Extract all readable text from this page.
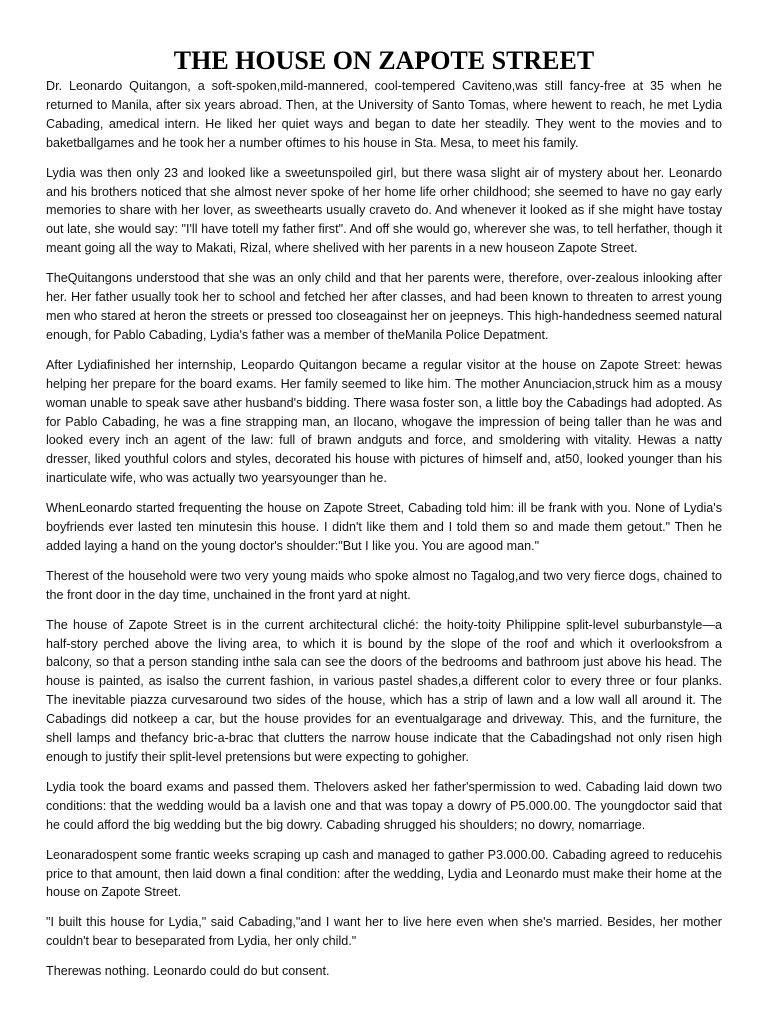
THE HOUSE ON ZAPOTE STREET

Dr. Leonardo Quitangon, a soft-spoken,mild-mannered, cool-tempered Caviteno,was still fancy-free at 35 when he returned to Manila, after six years abroad. Then, at the University of Santo Tomas, where hewent to reach, he met Lydia Cabading, amedical intern. He liked her quiet ways and began to date her steadily. They went to the movies and to baketballgames and he took her a number oftimes to his house in Sta. Mesa, to meet his family.

Lydia was then only 23 and looked like a sweetunspoiled girl, but there wasa slight air of mystery about her. Leonardo and his brothers noticed that she almost never spoke of her home life orher childhood; she seemed to have no gay early memories to share with her lover, as sweethearts usually craveto do. And whenever it looked as if she might have tostay out late, she would say: "I'll have totell my father first". And off she would go, wherever she was, to tell herfather, though it meant going all the way to Makati, Rizal, where shelived with her parents in a new houseon Zapote Street.

TheQuitangons understood that she was an only child and that her parents were, therefore, over-zealous inlooking after her. Her father usually took her to school and fetched her after classes, and had been known to threaten to arrest young men who stared at heron the streets or pressed too closeagainst her on jeepneys. This high-handedness seemed natural enough, for Pablo Cabading, Lydia's father was a member of theManila Police Depatment.

After Lydiafinished her internship, Leopardo Quitangon became a regular visitor at the house on Zapote Street: hewas helping her prepare for the board exams. Her family seemed to like him. The mother Anunciacion,struck him as a mousy woman unable to speak save ather husband's bidding. There wasa foster son, a little boy the Cabadings had adopted. As for Pablo Cabading, he was a fine strapping man, an Ilocano, whogave the impression of being taller than he was and looked every inch an agent of the law: full of brawn andguts and force, and smoldering with vitality. Hewas a natty dresser, liked youthful colors and styles, decorated his house with pictures of himself and, at50, looked younger than his inarticulate wife, who was actually two yearsyounger than he.

WhenLeonardo started frequenting the house on Zapote Street, Cabading told him: ill be frank with you. None of Lydia's boyfriends ever lasted ten minutesin this house. I didn't like them and I told them so and made them getout." Then he added laying a hand on the young doctor's shoulder:"But I like you. You are agood man."

Therest of the household were two very young maids who spoke almost no Tagalog,and two very fierce dogs, chained to the front door in the day time, unchained in the front yard at night.

The house of Zapote Street is in the current architectural cliché: the hoity-toity Philippine split-level suburbanstyle—a half-story perched above the living area, to which it is bound by the slope of the roof and which it overlooksfrom a balcony, so that a person standing inthe sala can see the doors of the bedrooms and bathroom just above his head. The house is painted, as isalso the current fashion, in various pastel shades,a different color to every three or four planks. The inevitable piazza curvesaround two sides of the house, which has a strip of lawn and a low wall all around it. The Cabadings did notkeep a car, but the house provides for an eventualgarage and driveway. This, and the furniture, the shell lamps and thefancy bric-a-brac that clutters the narrow house indicate that the Cabadingshad not only risen high enough to justify their split-level pretensions but were expecting to gohigher.

Lydia took the board exams and passed them. Thelovers asked her father'spermission to wed. Cabading laid down two conditions: that the wedding would ba a lavish one and that was topay a dowry of P5.000.00. The youngdoctor said that he could afford the big wedding but the big dowry. Cabading shrugged his shoulders; no dowry, nomarriage.

Leonaradospent some frantic weeks scraping up cash and managed to gather P3.000.00. Cabading agreed to reducehis price to that amount, then laid down a final condition: after the wedding, Lydia and Leonardo must make their home at the house on Zapote Street.

"I built this house for Lydia," said Cabading,"and I want her to live here even when she's married. Besides, her mother couldn't bear to beseparated from Lydia, her only child."

Therewas nothing. Leonardo could do but consent.
